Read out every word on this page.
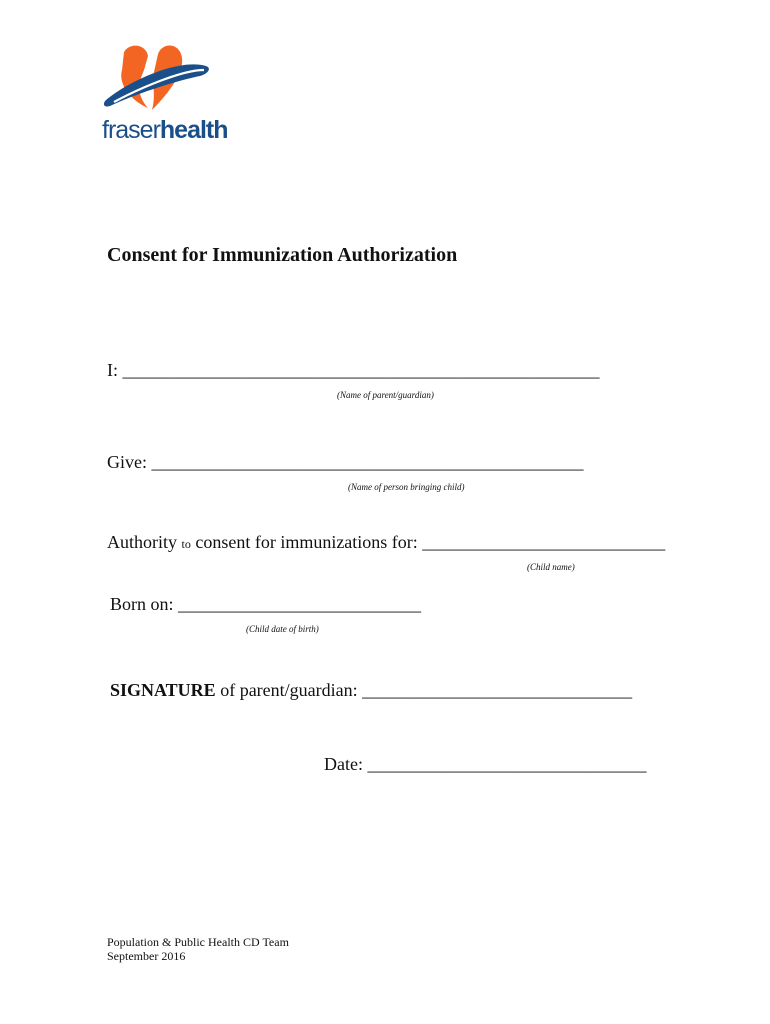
fraserhealth
Consent for Immunization Authorization
I: _____________________________________________________
(Name of parent/guardian)
Give: ________________________________________________
(Name of person bringing child)
Authority to consent for immunizations for: ___________________________
(Child name)
Born on: ___________________________
(Child date of birth)
SIGNATURE of parent/guardian: ______________________________
Date: _______________________________
Population & Public Health CD Team
September 2016
